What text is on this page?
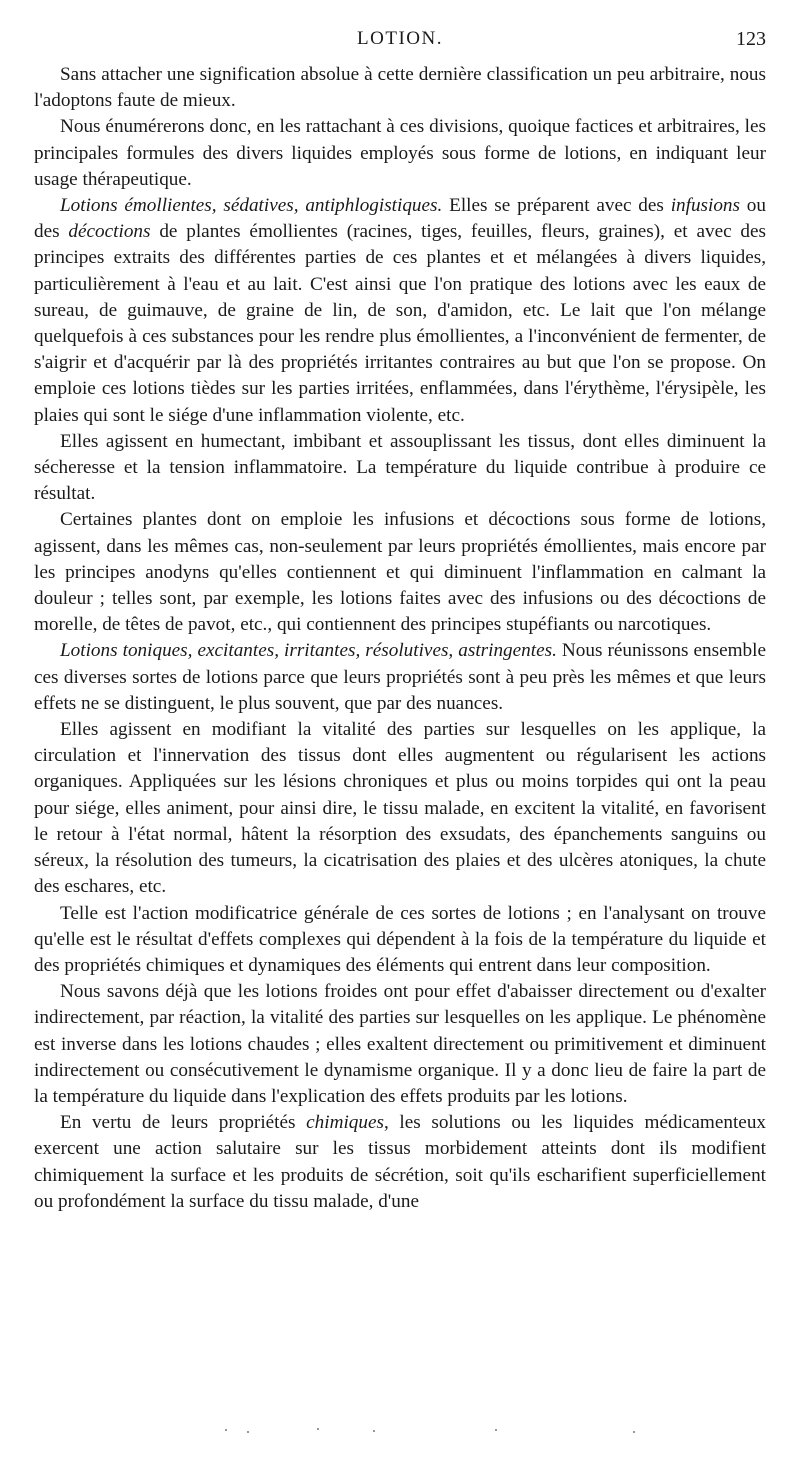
LOTION.	123

Sans attacher une signification absolue à cette dernière classification un peu arbitraire, nous l'adoptons faute de mieux.

Nous énumérerons donc, en les rattachant à ces divisions, quoique factices et arbitraires, les principales formules des divers liquides employés sous forme de lotions, en indiquant leur usage thérapeutique.

Lotions émollientes, sédatives, antiphlogistiques. Elles se préparent avec des infusions ou des décoctions de plantes émollientes (racines, tiges, feuilles, fleurs, graines), et avec des principes extraits des différentes parties de ces plantes et et mélangées à divers liquides, particulièrement à l'eau et au lait. C'est ainsi que l'on pratique des lotions avec les eaux de sureau, de guimauve, de graine de lin, de son, d'amidon, etc. Le lait que l'on mélange quelquefois à ces substances pour les rendre plus émollientes, a l'inconvénient de fermenter, de s'aigrir et d'acquérir par là des propriétés irritantes contraires au but que l'on se propose. On emploie ces lotions tièdes sur les parties irritées, enflammées, dans l'érythème, l'érysipèle, les plaies qui sont le siége d'une inflammation violente, etc.

Elles agissent en humectant, imbibant et assouplissant les tissus, dont elles diminuent la sécheresse et la tension inflammatoire. La température du liquide contribue à produire ce résultat.

Certaines plantes dont on emploie les infusions et décoctions sous forme de lotions, agissent, dans les mêmes cas, non-seulement par leurs propriétés émollientes, mais encore par les principes anodyns qu'elles contiennent et qui diminuent l'inflammation en calmant la douleur ; telles sont, par exemple, les lotions faites avec des infusions ou des décoctions de morelle, de têtes de pavot, etc., qui contiennent des principes stupéfiants ou narcotiques.

Lotions toniques, excitantes, irritantes, résolutives, astringentes. Nous réunissons ensemble ces diverses sortes de lotions parce que leurs propriétés sont à peu près les mêmes et que leurs effets ne se distinguent, le plus souvent, que par des nuances.

Elles agissent en modifiant la vitalité des parties sur lesquelles on les applique, la circulation et l'innervation des tissus dont elles augmentent ou régularisent les actions organiques. Appliquées sur les lésions chroniques et plus ou moins torpides qui ont la peau pour siége, elles animent, pour ainsi dire, le tissu malade, en excitent la vitalité, en favorisent le retour à l'état normal, hâtent la résorption des exsudats, des épanchements sanguins ou séreux, la résolution des tumeurs, la cicatrisation des plaies et des ulcères atoniques, la chute des eschares, etc.

Telle est l'action modificatrice générale de ces sortes de lotions ; en l'analysant on trouve qu'elle est le résultat d'effets complexes qui dépendent à la fois de la température du liquide et des propriétés chimiques et dynamiques des éléments qui entrent dans leur composition.

Nous savons déjà que les lotions froides ont pour effet d'abaisser directement ou d'exalter indirectement, par réaction, la vitalité des parties sur lesquelles on les applique. Le phénomène est inverse dans les lotions chaudes ; elles exaltent directement ou primitivement et diminuent indirectement ou consécutivement le dynamisme organique. Il y a donc lieu de faire la part de la température du liquide dans l'explication des effets produits par les lotions.

En vertu de leurs propriétés chimiques, les solutions ou les liquides médicamenteux exercent une action salutaire sur les tissus morbidement atteints dont ils modifient chimiquement la surface et les produits de sécrétion, soit qu'ils escharifient superficiellement ou profondément la surface du tissu malade, d'une
